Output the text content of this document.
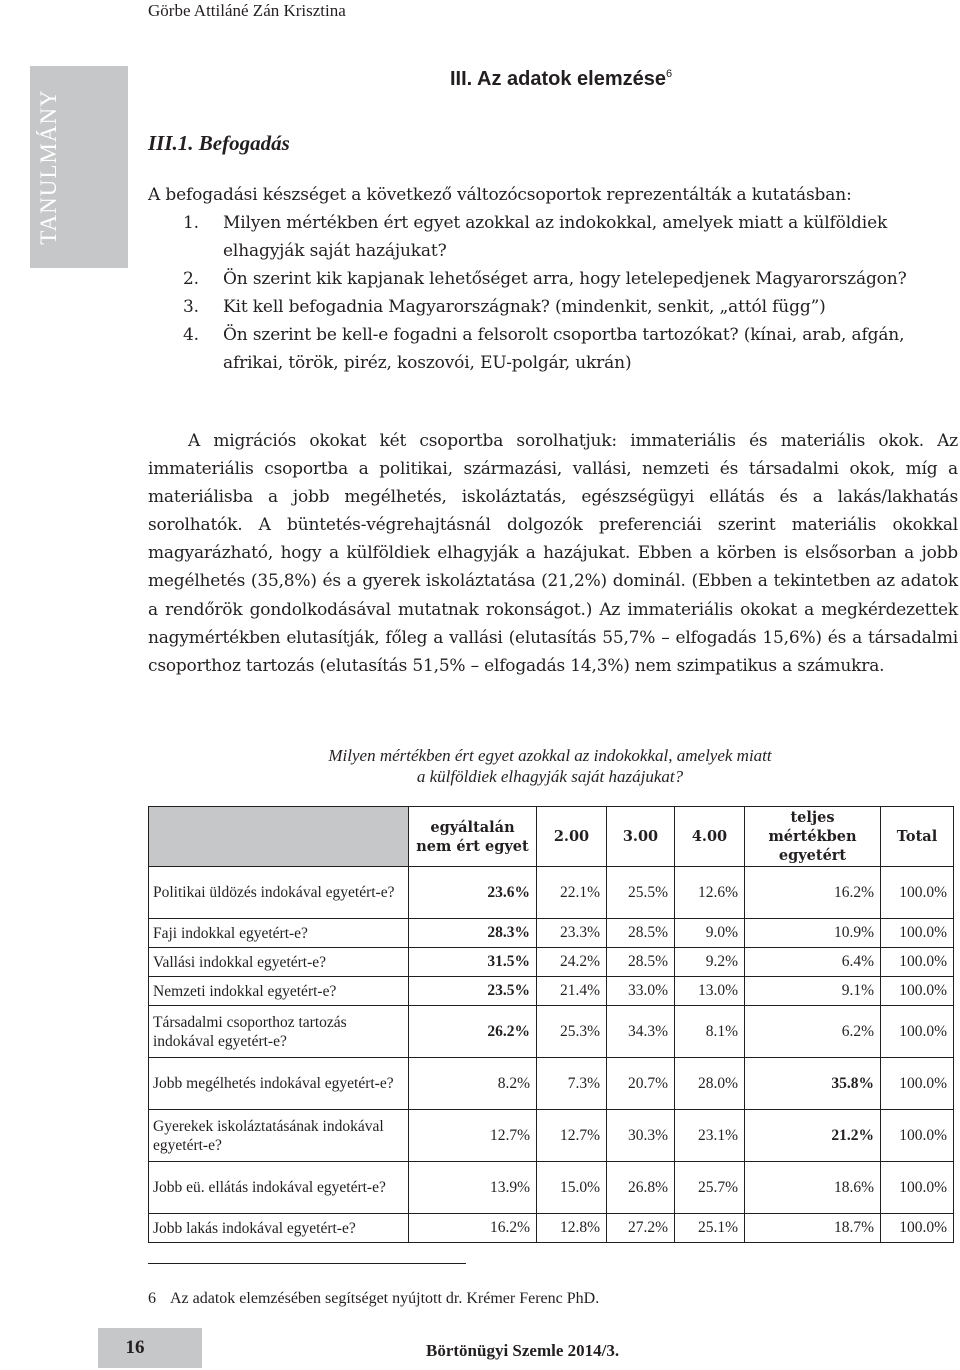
Görbe Attiláné Zán Krisztina
TANULMÁNY
III. Az adatok elemzése$^6$
III.1. Befogadás

A befogadási készséget a következő változócsoportok reprezentálták a kutatásban:

1. Milyen mértékben ért egyet azokkal az indokokkal, amelyek miatt a külföldiek elhagyják saját hazájukat?
2. Ön szerint kik kapjanak lehetőséget arra, hogy letelepedjenek Magyarországon?
3. Kit kell befogadnia Magyarországnak? (mindenkit, senkit, „attól függ”)
4. Ön szerint be kell-e fogadni a felsorolt csoportba tartozókat? (kínai, arab, afgán, afrikai, török, piréz, koszovói, EU-polgár, ukrán)

A migrációs okokat két csoportba sorolhatjuk: immateriális és materiális okok. Az immateriális csoportba a politikai, származási, vallási, nemzeti és társadalmi okok, míg a materiálisba a jobb megélhetés, iskoláztatás, egészségügyi ellátás és a lakás/lakhatás sorolhatók. A büntetés-végrehajtásnál dolgozók preferenciái szerint materiális okokkal magyarázható, hogy a külföldiek elhagyják a hazájukat. Ebben a körben is elsősorban a jobb megélhetés (35,8%) és a gyerek iskoláztatása (21,2%) dominál. (Ebben a tekintetben az adatok a rendőrök gondolkodásával mutatnak rokonságot.) Az immateriális okokat a megkérdezettek nagymértékben elutasítják, főleg a vallási (elutasítás 55,7% – elfogadás 15,6%) és a társadalmi csoporthoz tartozás (elutasítás 51,5% – elfogadás 14,3%) nem szimpatikus a számukra.

Milyen mértékben ért egyet azokkal az indokokkal, amelyek miatt
a külföldiek elhagyják saját hazájukat?
	egyáltalán nem ért egyet	2.00	3.00	4.00	teljes mértékben egyetért	Total
Politikai üldözés indokával egyetért-e?	23.6%	22.1%	25.5%	12.6%	16.2%	100.0%
Faji indokkal egyetért-e?	28.3%	23.3%	28.5%	9.0%	10.9%	100.0%
Vallási indokkal egyetért-e?	31.5%	24.2%	28.5%	9.2%	6.4%	100.0%
Nemzeti indokkal egyetért-e?	23.5%	21.4%	33.0%	13.0%	9.1%	100.0%
Társadalmi csoporthoz tartozás indokával egyetért-e?	26.2%	25.3%	34.3%	8.1%	6.2%	100.0%
Jobb megélhetés indokával egyetért-e?	8.2%	7.3%	20.7%	28.0%	35.8%	100.0%
Gyerekek iskoláztatásának indokával egyetért-e?	12.7%	12.7%	30.3%	23.1%	21.2%	100.0%
Jobb eü. ellátás indokával egyetért-e?	13.9%	15.0%	26.8%	25.7%	18.6%	100.0%
Jobb lakás indokával egyetért-e?	16.2%	12.8%	27.2%	25.1%	18.7%	100.0%
6 Az adatok elemzésében segítséget nyújtott dr. Krémer Ferenc PhD.
16	Börtönügyi Szemle 2014/3.
